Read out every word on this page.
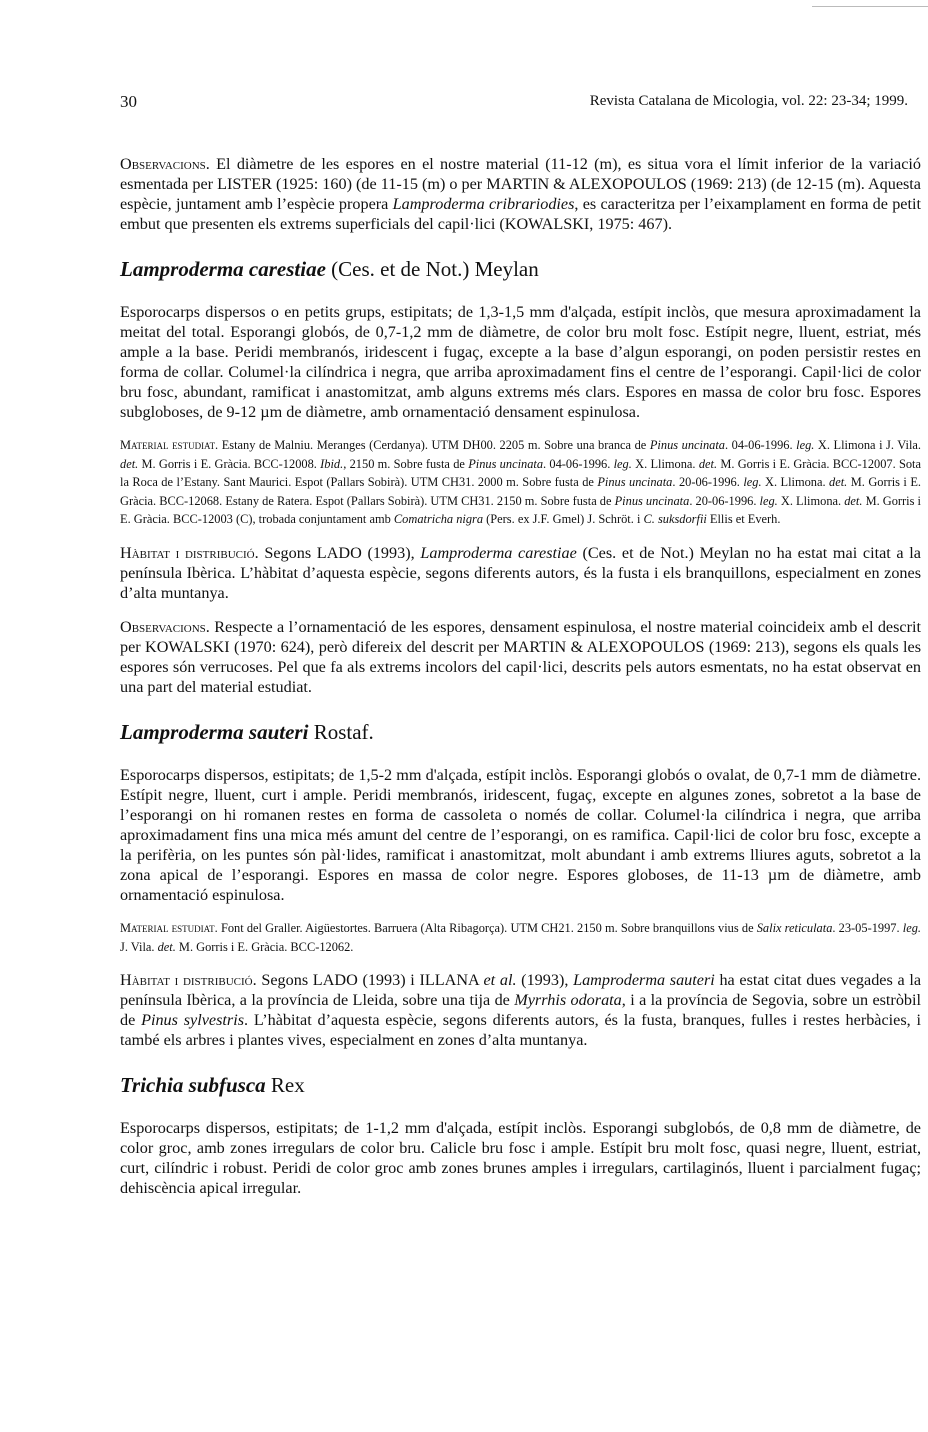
30	Revista Catalana de Micologia, vol. 22: 23-34; 1999.

Observacions. El diàmetre de les espores en el nostre material (11-12 (m), es situa vora el límit inferior de la variació esmentada per LISTER (1925: 160) (de 11-15 (m) o per MARTIN & ALEXOPOULOS (1969: 213) (de 12-15 (m). Aquesta espècie, juntament amb l’espècie propera Lamproderma cribrariodies, es caracteritza per l’eixamplament en forma de petit embut que presenten els extrems superficials del capil·lici (KOWALSKI, 1975: 467).

Lamproderma carestiae (Ces. et de Not.) Meylan

Esporocarps dispersos o en petits grups, estipitats; de 1,3-1,5 mm d'alçada, estípit inclòs, que mesura aproximadament la meitat del total. Esporangi globós, de 0,7-1,2 mm de diàmetre, de color bru molt fosc. Estípit negre, lluent, estriat, més ample a la base. Peridi membranós, iridescent i fugaç, excepte a la base d’algun esporangi, on poden persistir restes en forma de collar. Columel·la cilíndrica i negra, que arriba aproximadament fins el centre de l’esporangi. Capil·lici de color bru fosc, abundant, ramificat i anastomitzat, amb alguns extrems més clars. Espores en massa de color bru fosc. Espores subgloboses, de 9-12 µm de diàmetre, amb ornamentació densament espinulosa.

Material estudiat. Estany de Malniu. Meranges (Cerdanya). UTM DH00. 2205 m. Sobre una branca de Pinus uncinata. 04-06-1996. leg. X. Llimona i J. Vila. det. M. Gorris i E. Gràcia. BCC-12008. Ibid., 2150 m. Sobre fusta de Pinus uncinata. 04-06-1996. leg. X. Llimona. det. M. Gorris i E. Gràcia. BCC-12007. Sota la Roca de l’Estany. Sant Maurici. Espot (Pallars Sobirà). UTM CH31. 2000 m. Sobre fusta de Pinus uncinata. 20-06-1996. leg. X. Llimona. det. M. Gorris i E. Gràcia. BCC-12068. Estany de Ratera. Espot (Pallars Sobirà). UTM CH31. 2150 m. Sobre fusta de Pinus uncinata. 20-06-1996. leg. X. Llimona. det. M. Gorris i E. Gràcia. BCC-12003 (C), trobada conjuntament amb Comatricha nigra (Pers. ex J.F. Gmel) J. Schröt. i C. suksdorfii Ellis et Everh.

Hàbitat i distribució. Segons LADO (1993), Lamproderma carestiae (Ces. et de Not.) Meylan no ha estat mai citat a la península Ibèrica. L’hàbitat d’aquesta espècie, segons diferents autors, és la fusta i els branquillons, especialment en zones d’alta muntanya.

Observacions. Respecte a l’ornamentació de les espores, densament espinulosa, el nostre material coincideix amb el descrit per KOWALSKI (1970: 624), però difereix del descrit per MARTIN & ALEXOPOULOS (1969: 213), segons els quals les espores són verrucoses. Pel que fa als extrems incolors del capil·lici, descrits pels autors esmentats, no ha estat observat en una part del material estudiat.

Lamproderma sauteri Rostaf.

Esporocarps dispersos, estipitats; de 1,5-2 mm d'alçada, estípit inclòs. Esporangi globós o ovalat, de 0,7-1 mm de diàmetre. Estípit negre, lluent, curt i ample. Peridi membranós, iridescent, fugaç, excepte en algunes zones, sobretot a la base de l’esporangi on hi romanen restes en forma de cassoleta o només de collar. Columel·la cilíndrica i negra, que arriba aproximadament fins una mica més amunt del centre de l’esporangi, on es ramifica. Capil·lici de color bru fosc, excepte a la perifèria, on les puntes són pàl·lides, ramificat i anastomitzat, molt abundant i amb extrems lliures aguts, sobretot a la zona apical de l’esporangi. Espores en massa de color negre. Espores globoses, de 11-13 µm de diàmetre, amb ornamentació espinulosa.

Material estudiat. Font del Graller. Aigüestortes. Barruera (Alta Ribagorça). UTM CH21. 2150 m. Sobre branquillons vius de Salix reticulata. 23-05-1997. leg. J. Vila. det. M. Gorris i E. Gràcia. BCC-12062.

Hàbitat i distribució. Segons LADO (1993) i ILLANA et al. (1993), Lamproderma sauteri ha estat citat dues vegades a la península Ibèrica, a la província de Lleida, sobre una tija de Myrrhis odorata, i a la província de Segovia, sobre un estròbil de Pinus sylvestris. L’hàbitat d’aquesta espècie, segons diferents autors, és la fusta, branques, fulles i restes herbàcies, i també els arbres i plantes vives, especialment en zones d’alta muntanya.

Trichia subfusca Rex

Esporocarps dispersos, estipitats; de 1-1,2 mm d'alçada, estípit inclòs. Esporangi subglobós, de 0,8 mm de diàmetre, de color groc, amb zones irregulars de color bru. Calicle bru fosc i ample. Estípit bru molt fosc, quasi negre, lluent, estriat, curt, cilíndric i robust. Peridi de color groc amb zones brunes amples i irregulars, cartilaginós, lluent i parcialment fugaç; dehiscència apical irregular.
